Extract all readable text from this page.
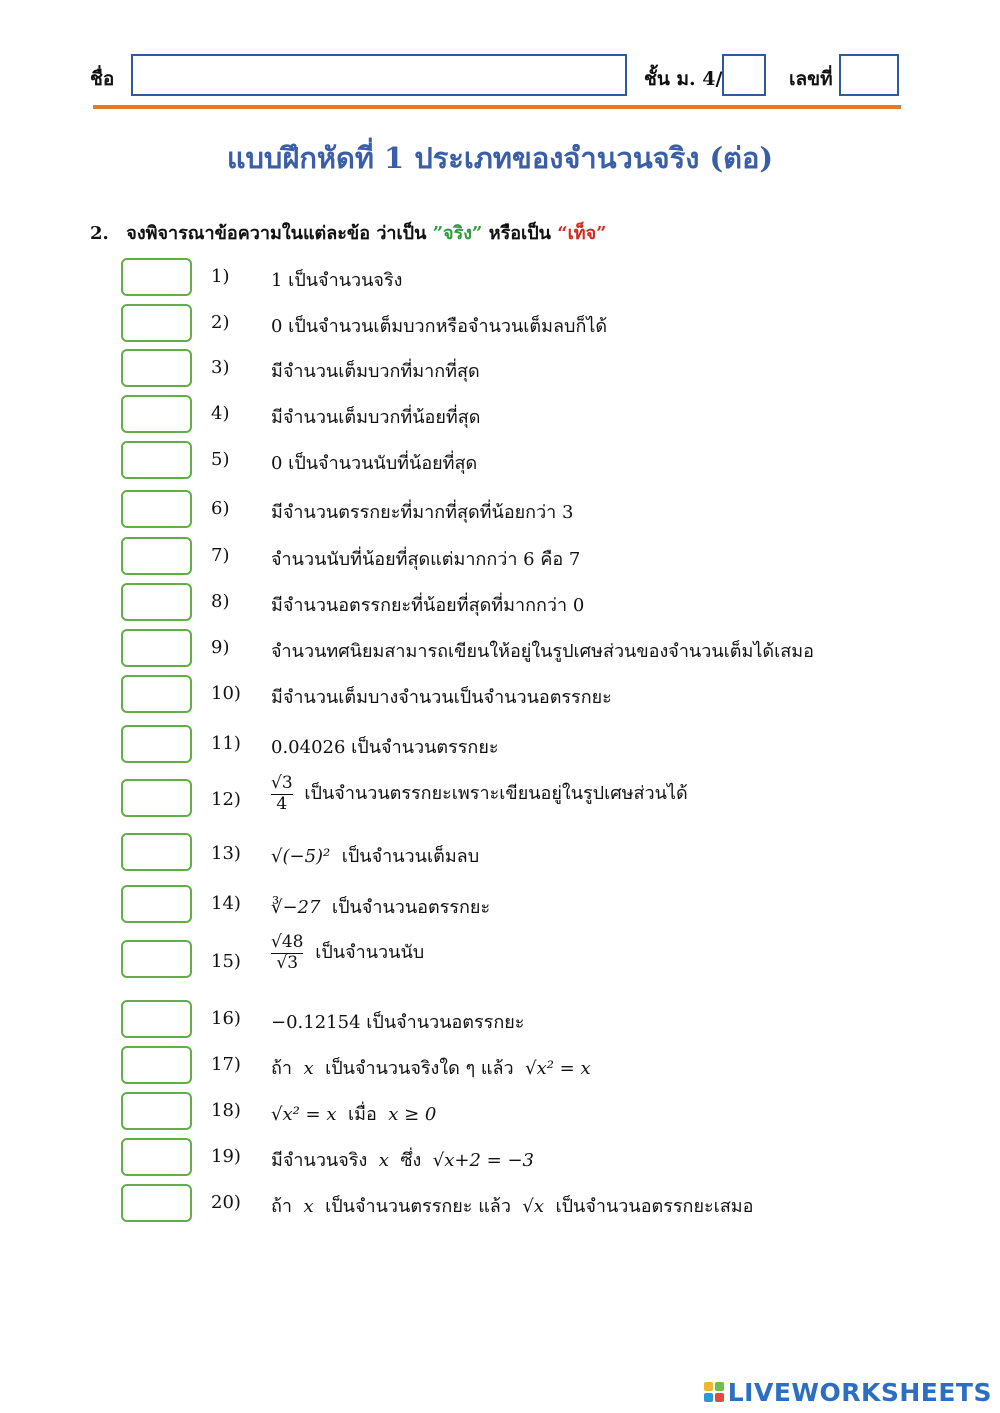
ชื่อ	ชั้น ม. 4/	เลขที่
แบบฝึกหัดที่ 1 ประเภทของจำนวนจริง (ต่อ)
2. จงพิจารณาข้อความในแต่ละข้อ ว่าเป็น ”จริง” หรือเป็น “เท็จ”
1) 1 เป็นจำนวนจริง
2) 0 เป็นจำนวนเต็มบวกหรือจำนวนเต็มลบก็ได้
3) มีจำนวนเต็มบวกที่มากที่สุด
4) มีจำนวนเต็มบวกที่น้อยที่สุด
5) 0 เป็นจำนวนนับที่น้อยที่สุด
6) มีจำนวนตรรกยะที่มากที่สุดที่น้อยกว่า 3
7) จำนวนนับที่น้อยที่สุดแต่มากกว่า 6 คือ 7
8) มีจำนวนอตรรกยะที่น้อยที่สุดที่มากกว่า 0
9) จำนวนทศนิยมสามารถเขียนให้อยู่ในรูปเศษส่วนของจำนวนเต็มได้เสมอ
10) มีจำนวนเต็มบางจำนวนเป็นจำนวนอตรรกยะ
11) 0.04026 เป็นจำนวนตรรกยะ
$12) \frac{√3}{4}$ เป็นจำนวนตรรกยะเพราะเขียนอยู่ในรูปเศษส่วนได้
13) √(−5)² เป็นจำนวนเต็มลบ
14) ∛−27 เป็นจำนวนอตรรกยะ
$15) \frac{√48}{√3}$ เป็นจำนวนนับ
16) −0.12154 เป็นจำนวนอตรรกยะ
17) ถ้า x เป็นจำนวนจริงใด ๆ แล้ว √x² = x
18) √x² = x เมื่อ x ≥ 0
19) มีจำนวนจริง x ซึ่ง √x+2 = −3
20) ถ้า x เป็นจำนวนตรรกยะ แล้ว √x เป็นจำนวนอตรรกยะเสมอ
LIVEWORKSHEETS
